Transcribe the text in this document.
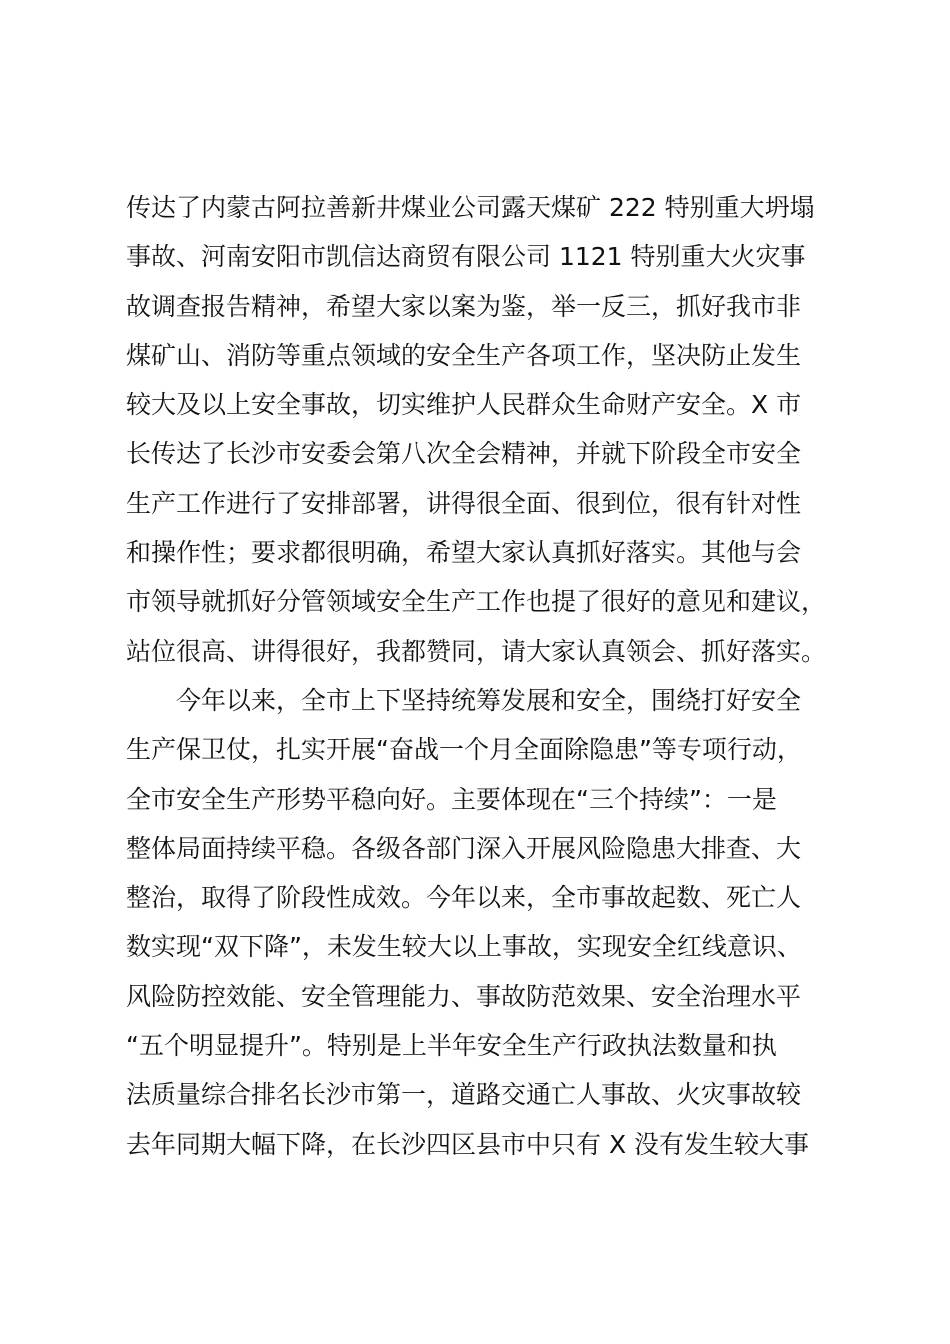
传达了内蒙古阿拉善新井煤业公司露天煤矿 222 特别重大坍塌
事故、河南安阳市凯信达商贸有限公司 1121 特别重大火灾事
故调查报告精神，希望大家以案为鉴，举一反三，抓好我市非
煤矿山、消防等重点领域的安全生产各项工作，坚决防止发生
较大及以上安全事故，切实维护人民群众生命财产安全。X 市
长传达了长沙市安委会第八次全会精神，并就下阶段全市安全
生产工作进行了安排部署，讲得很全面、很到位，很有针对性
和操作性；要求都很明确，希望大家认真抓好落实。其他与会
市领导就抓好分管领域安全生产工作也提了很好的意见和建议，
站位很高、讲得很好，我都赞同，请大家认真领会、抓好落实。
今年以来，全市上下坚持统筹发展和安全，围绕打好安全
生产保卫仗，扎实开展“奋战一个月全面除隐患”等专项行动，
全市安全生产形势平稳向好。主要体现在“三个持续”：一是
整体局面持续平稳。各级各部门深入开展风险隐患大排查、大
整治，取得了阶段性成效。今年以来，全市事故起数、死亡人
数实现“双下降”，未发生较大以上事故，实现安全红线意识、
风险防控效能、安全管理能力、事故防范效果、安全治理水平
“五个明显提升”。特别是上半年安全生产行政执法数量和执
法质量综合排名长沙市第一，道路交通亡人事故、火灾事故较
去年同期大幅下降，在长沙四区县市中只有 X 没有发生较大事
